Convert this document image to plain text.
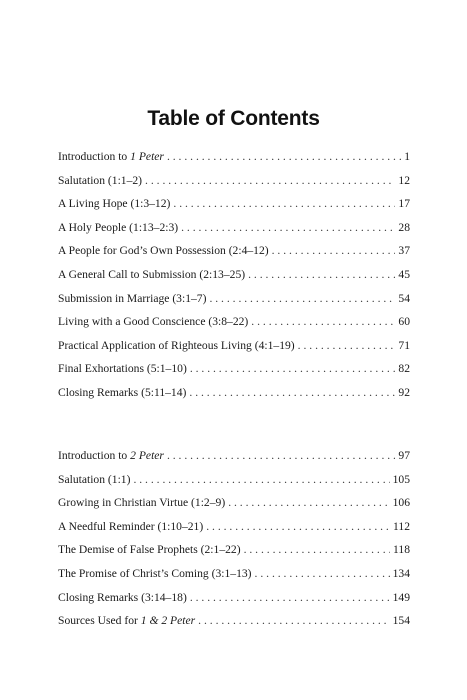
Table of Contents
Introduction to 1 Peter . . .	1
Salutation (1:1–2) . . .	12
A Living Hope (1:3–12) . . .	17
A Holy People (1:13–2:3) . . .	28
A People for God’s Own Possession (2:4–12) . . .	37
A General Call to Submission (2:13–25) . . .	45
Submission in Marriage (3:1–7) . . .	54
Living with a Good Conscience (3:8–22) . . .	60
Practical Application of Righteous Living (4:1–19) . . .	71
Final Exhortations (5:1–10) . . .	82
Closing Remarks (5:11–14) . . .	92
Introduction to 2 Peter . . .	97
Salutation (1:1) . . .	105
Growing in Christian Virtue (1:2–9) . . .	106
A Needful Reminder (1:10–21) . . .	112
The Demise of False Prophets (2:1–22) . . .	118
The Promise of Christ’s Coming (3:1–13) . . .	134
Closing Remarks (3:14–18) . . .	149
Sources Used for 1 & 2 Peter . . .	154
